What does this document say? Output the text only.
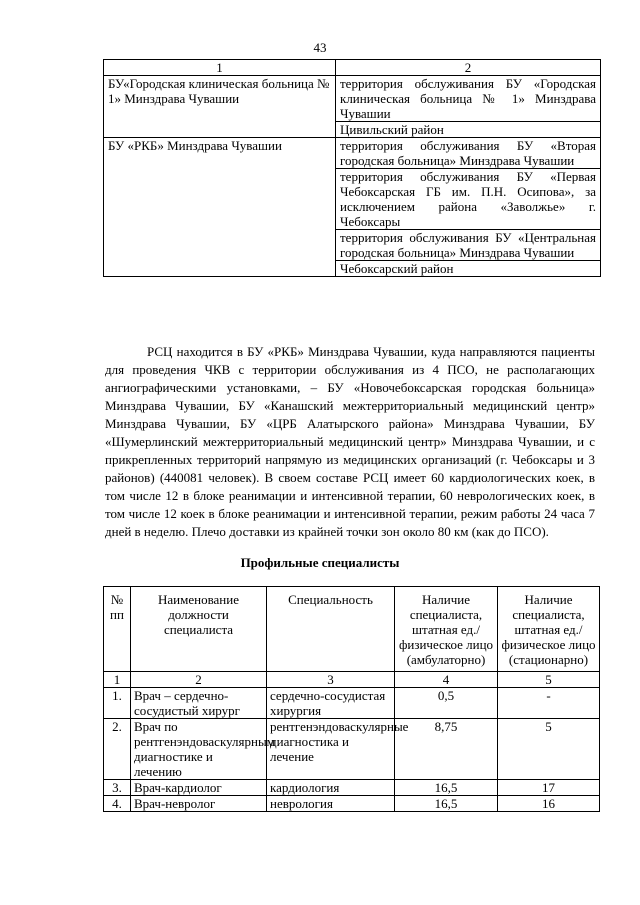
43
1	2
БУ«Городская клиническая больница № 1» Минздрава Чувашии	территория обслуживания БУ «Городская клиническая больница № 1» Минздрава Чувашии
	Цивильский район
БУ «РКБ» Минздрава Чувашии	территория обслуживания БУ «Вторая городская больница» Минздрава Чувашии
	территория обслуживания БУ «Первая Чебоксарская ГБ им. П.Н. Осипова», за исключением района «Заволжье» г. Чебоксары
	территория обслуживания БУ «Центральная городская больница» Минздрава Чувашии
	Чебоксарский район
РСЦ находится в БУ «РКБ» Минздрава Чувашии, куда направляются пациенты для проведения ЧКВ с территории обслуживания из 4 ПСО, не располагающих ангиографическими установками, – БУ «Новочебоксарская городская больница» Минздрава Чувашии, БУ «Канашский межтерриториальный медицинский центр» Минздрава Чувашии, БУ «ЦРБ Алатырского района» Минздрава Чувашии, БУ «Шумерлинский межтерриториальный медицинский центр» Минздрава Чувашии, и с прикрепленных территорий напрямую из медицинских организаций (г. Чебоксары и 3 районов) (440081 человек). В своем составе РСЦ имеет 60 кардиологических коек, в том числе 12 в блоке реанимации и интенсивной терапии, 60 неврологических коек, в том числе 12 коек в блоке реанимации и интенсивной терапии, режим работы 24 часа 7 дней в неделю. Плечо доставки из крайней точки зон около 80 км (как до ПСО).
Профильные специалисты
№ пп	Наименование должности специалиста	Специальность	Наличие специалиста, штатная ед./физическое лицо (амбулаторно)	Наличие специалиста, штатная ед./физическое лицо (стационарно)
1	2	3	4	5
1.	Врач – сердечно-сосудистый хирург	сердечно-сосудистая хирургия	0,5	-
2.	Врач по рентгенэндоваскулярным диагностике и лечению	рентгенэндоваскулярные диагностика и лечение	8,75	5
3.	Врач-кардиолог	кардиология	16,5	17
4.	Врач-невролог	неврология	16,5	16
